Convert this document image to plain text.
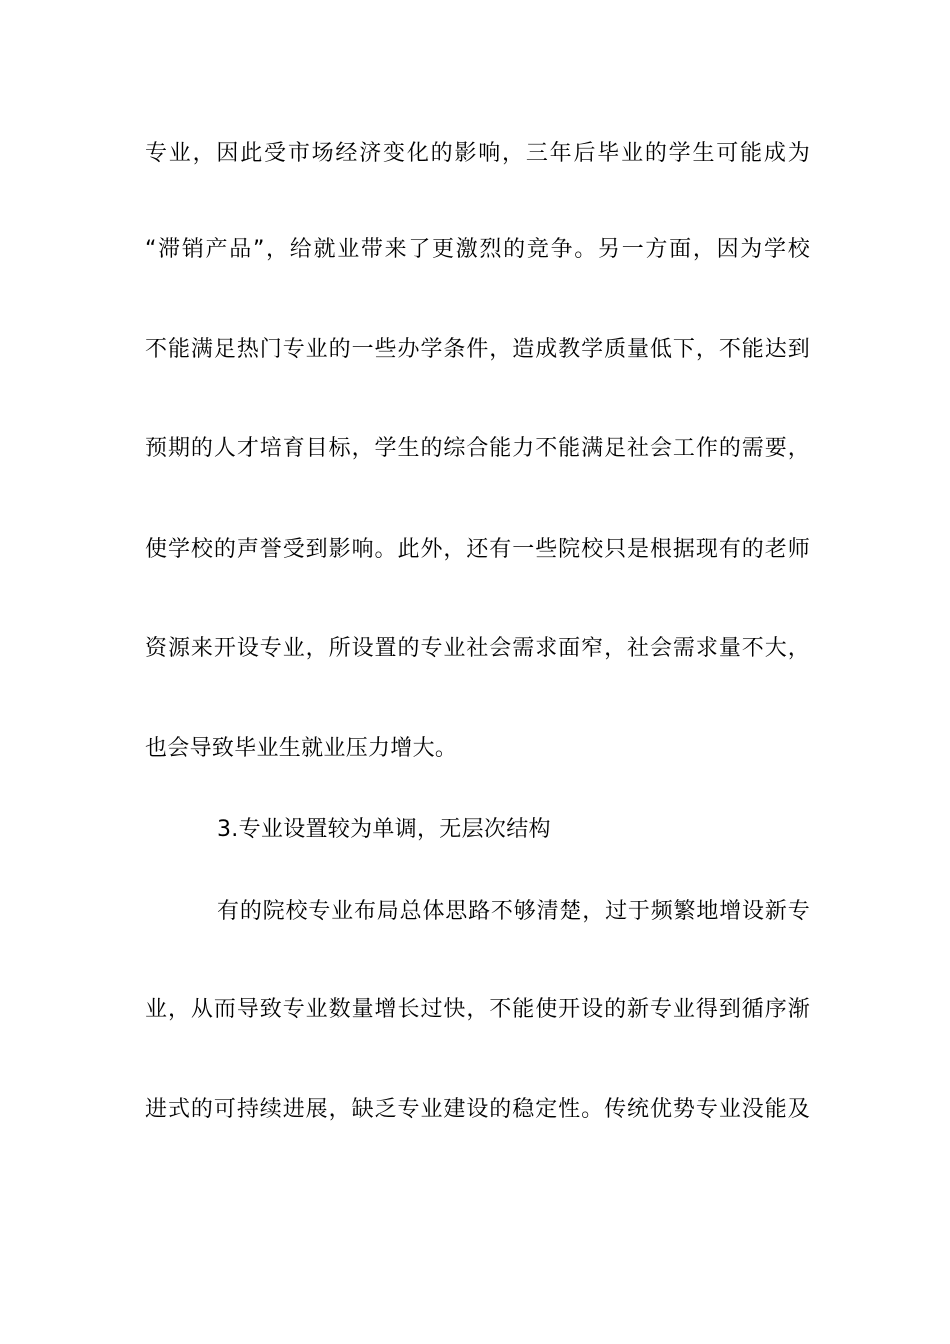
专业，因此受市场经济变化的影响，三年后毕业的学生可能成为
“滞销产品”，给就业带来了更激烈的竞争。另一方面，因为学校
不能满足热门专业的一些办学条件，造成教学质量低下，不能达到
预期的人才培育目标，学生的综合能力不能满足社会工作的需要，
使学校的声誉受到影响。此外，还有一些院校只是根据现有的老师
资源来开设专业，所设置的专业社会需求面窄，社会需求量不大，
也会导致毕业生就业压力增大。
3.专业设置较为单调，无层次结构
有的院校专业布局总体思路不够清楚，过于频繁地增设新专
业，从而导致专业数量增长过快，不能使开设的新专业得到循序渐
进式的可持续进展，缺乏专业建设的稳定性。传统优势专业没能及
